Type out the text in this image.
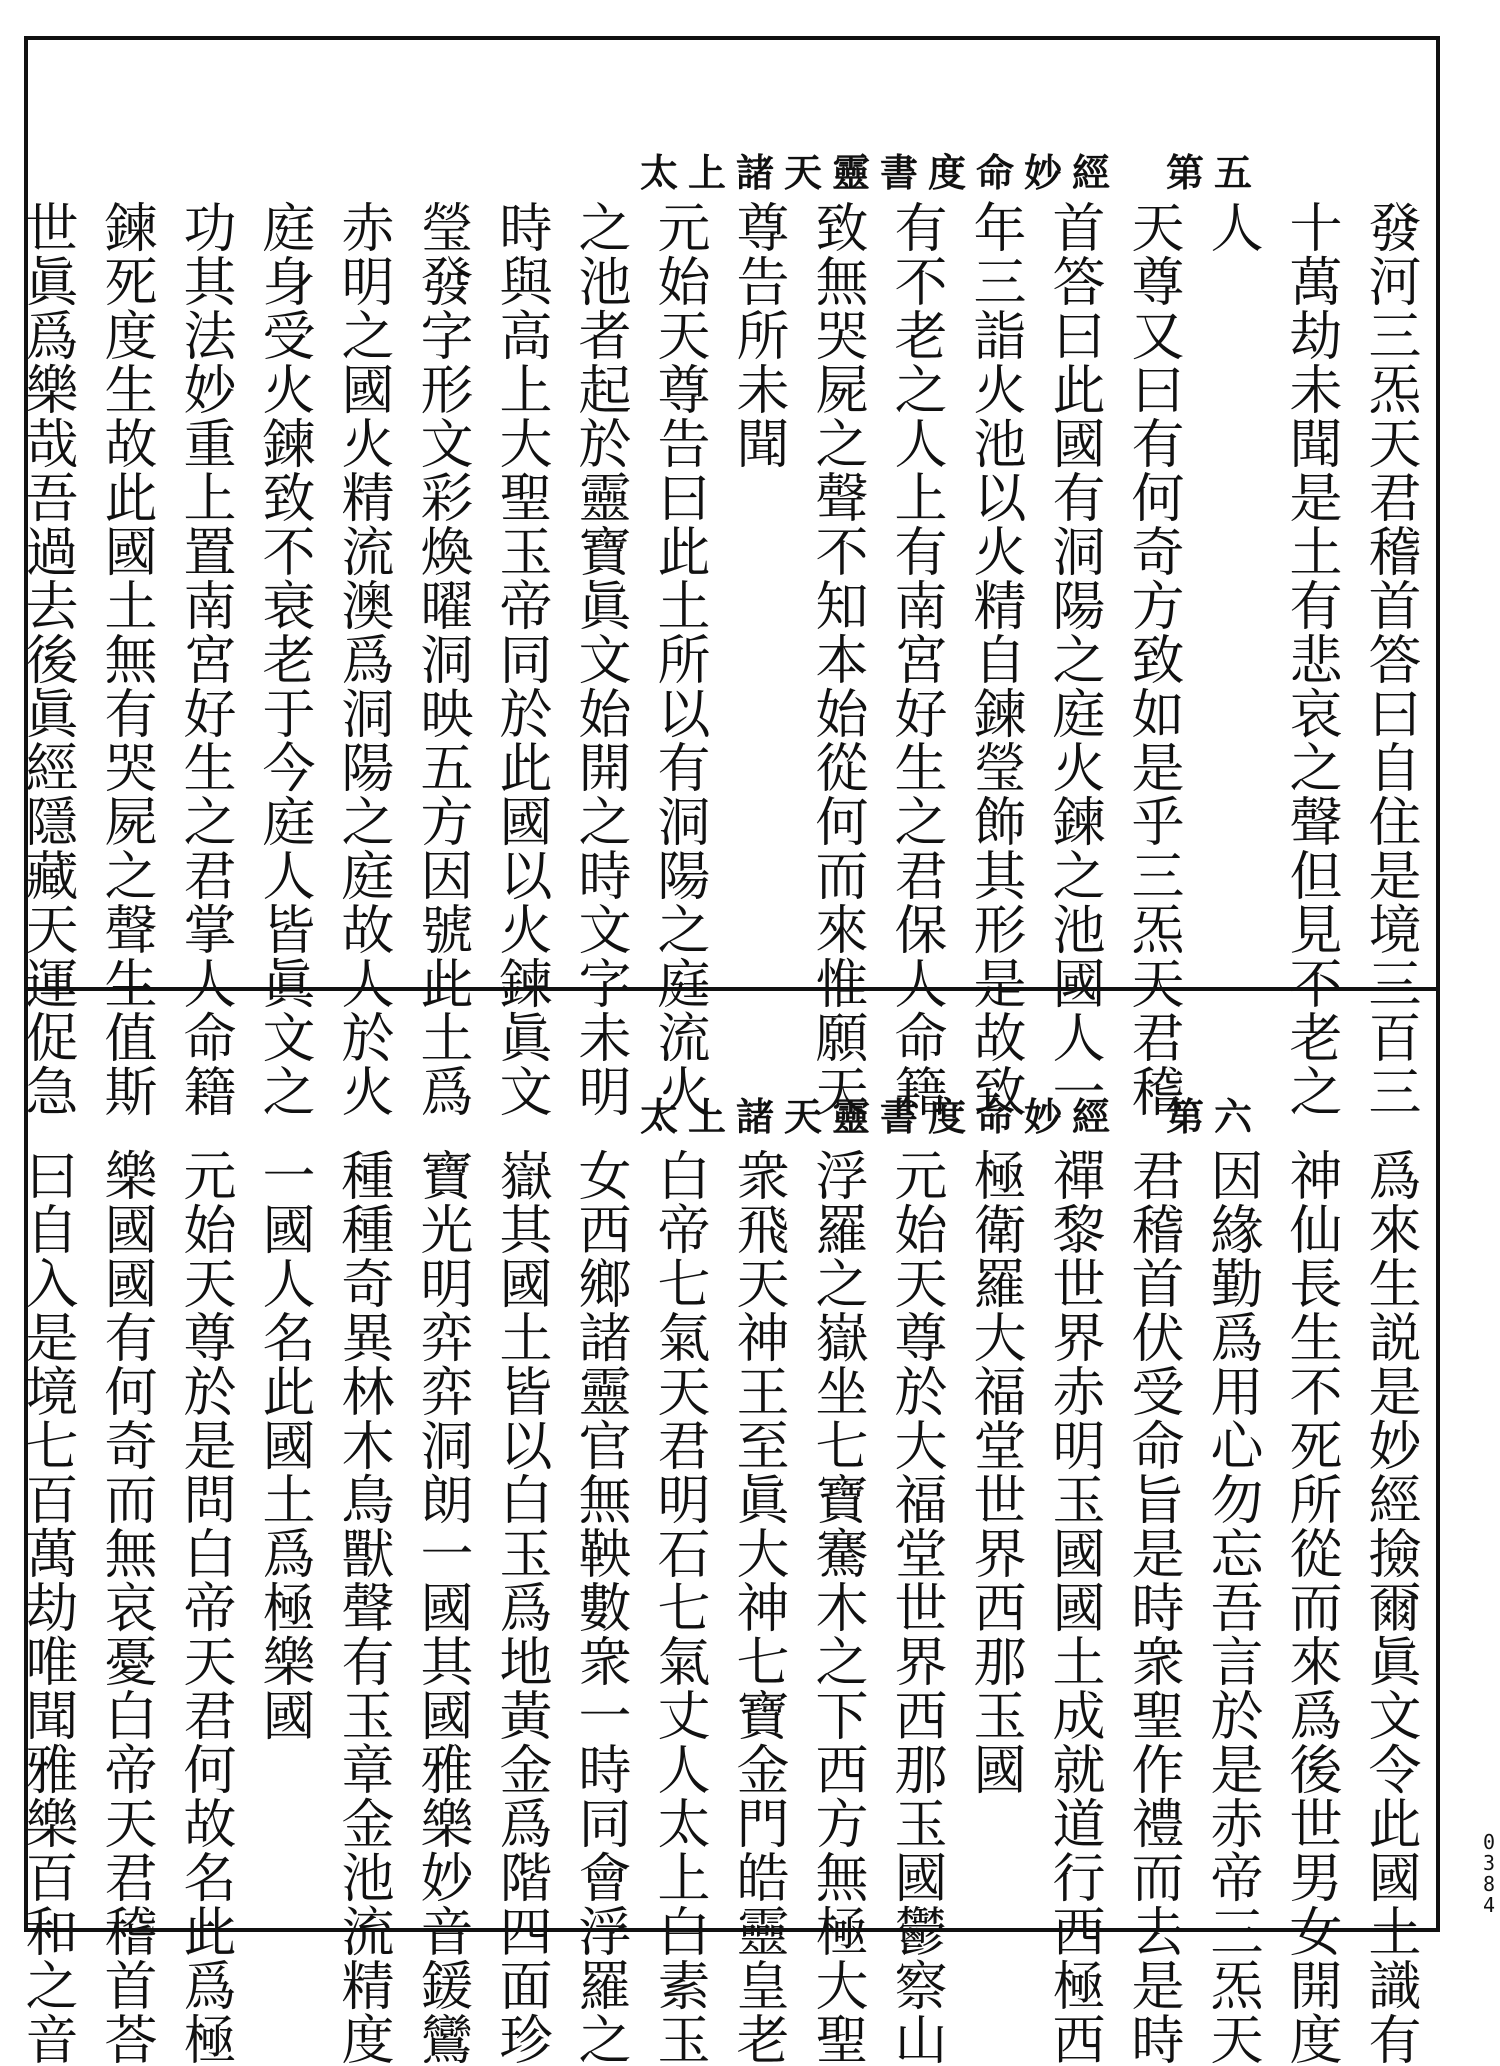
太上諸天靈書度命妙經 第五
發河三炁天君稽首答曰自住是境三百三
十萬劫未聞是土有悲哀之聲但見不老之
人
天尊又曰有何奇方致如是乎三炁天君稽
首答曰此國有洞陽之庭火鍊之池國人一
年三詣火池以火精自鍊瑩飾其形是故致
有不老之人上有南宮好生之君保人命籍
致無哭屍之聲不知本始從何而來惟願天
尊告所未聞
元始天尊告曰此土所以有洞陽之庭流火
之池者起於靈寶眞文始開之時文字未明
時與高上大聖玉帝同於此國以火鍊眞文
瑩發字形文彩煥曜洞映五方因號此土爲
赤明之國火精流澳爲洞陽之庭故人於火
庭身受火鍊致不衰老于今庭人皆眞文之
功其法妙重上置南宮好生之君掌人命籍
鍊死度生故此國土無有哭屍之聲生值斯
世眞爲樂哉吾過去後眞經隱藏天運促急	太上諸天靈書度命妙經 第六
爲來生説是妙經撿爾眞文令此國土識有
神仙長生不死所從而來爲後世男女開度
因緣勤爲用心勿忘吾言於是赤帝三炁天
君稽首伏受命旨是時衆聖作禮而去是時
禪黎世界赤明玉國國土成就道行西極西
極衛羅大福堂世界西那玉國
元始天尊於大福堂世界西那玉國鬱察山
浮羅之嶽坐七寶騫木之下西方無極大聖
衆飛天神王至眞大神七寶金門皓靈皇老
白帝七氣天君明石七氣丈人太上白素玉
女西鄉諸靈官無鞅數衆一時同會浮羅之
嶽其國土皆以白玉爲地黃金爲階四面珍
寶光明弈弈洞朗一國其國雅樂妙音鍰鸞
種種奇異林木鳥獸聲有玉章金池流精度
一國人名此國土爲極樂國
元始天尊於是問白帝天君何故名此爲極
樂國國有何奇而無哀憂白帝天君稽首荅
曰自入是境七百萬劫唯聞雅樂百和之音	0384
